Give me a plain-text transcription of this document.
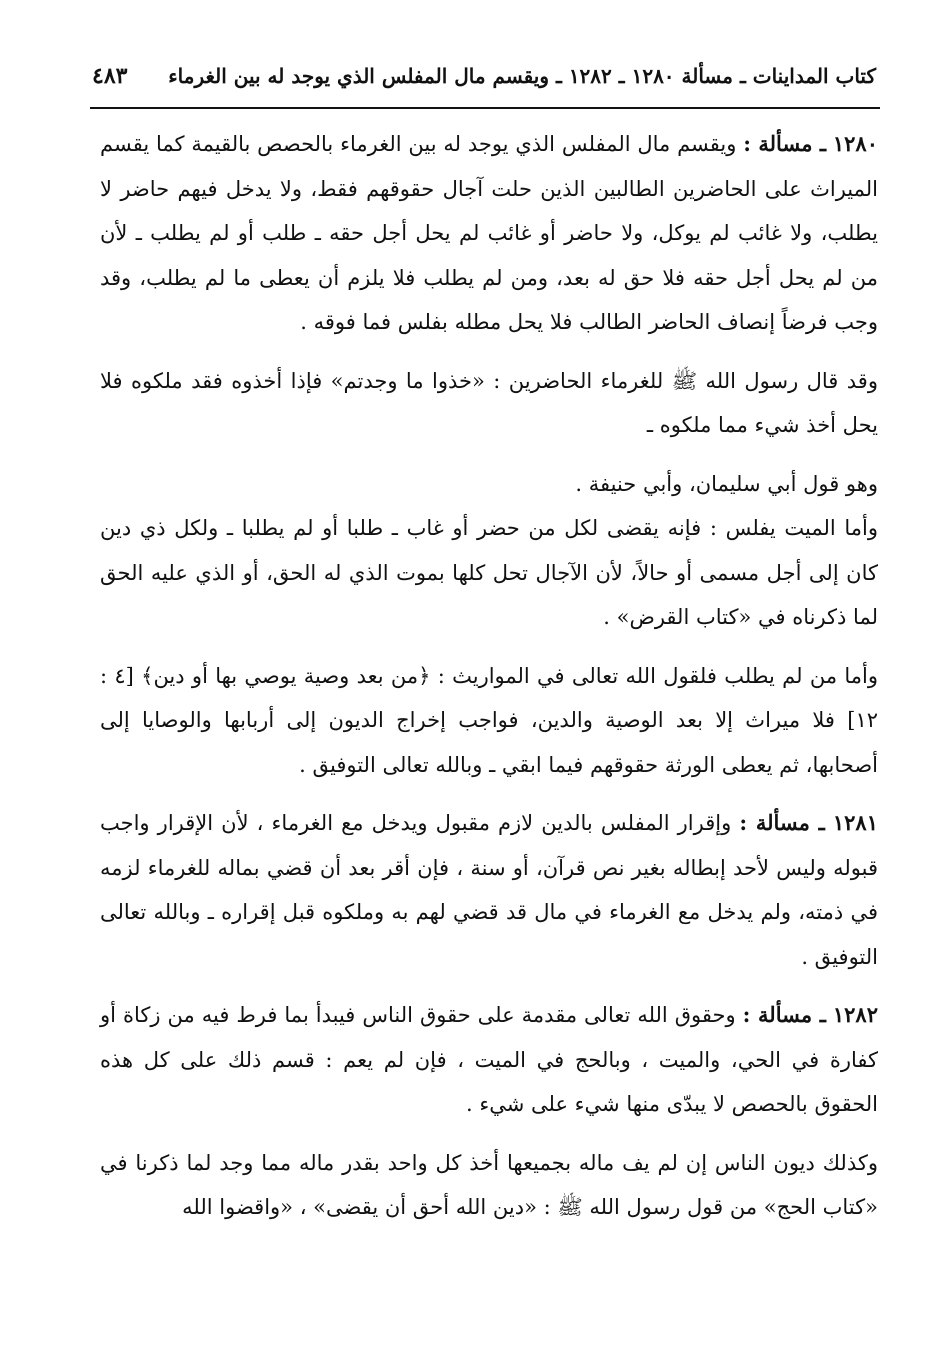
كتاب المداينات ـ مسألة ١٢٨٠ ـ ١٢٨٢ ـ ويقسم مال المفلس الذي يوجد له بين الغرماء
٤٨٣

١٢٨٠ ـ مسألة : ويقسم مال المفلس الذي يوجد له بين الغرماء بالحصص بالقيمة كما يقسم الميراث على الحاضرين الطالبين الذين حلت آجال حقوقهم فقط، ولا يدخل فيهم حاضر لا يطلب، ولا غائب لم يوكل، ولا حاضر أو غائب لم يحل أجل حقه ـ طلب أو لم يطلب ـ لأن من لم يحل أجل حقه فلا حق له بعد، ومن لم يطلب فلا يلزم أن يعطى ما لم يطلب، وقد وجب فرضاً إنصاف الحاضر الطالب فلا يحل مطله بفلس فما فوقه .

وقد قال رسول الله ﷺ للغرماء الحاضرين : «خذوا ما وجدتم» فإذا أخذوه فقد ملكوه فلا يحل أخذ شيء مما ملكوه ـ

وهو قول أبي سليمان، وأبي حنيفة .

وأما الميت يفلس : فإنه يقضى لكل من حضر أو غاب ـ طلبا أو لم يطلبا ـ ولكل ذي دين كان إلى أجل مسمى أو حالاً، لأن الآجال تحل كلها بموت الذي له الحق، أو الذي عليه الحق لما ذكرناه في «كتاب القرض» .

وأما من لم يطلب فلقول الله تعالى في المواريث : ﴿من بعد وصية يوصي بها أو دين﴾ [٤ : ١٢] فلا ميراث إلا بعد الوصية والدين، فواجب إخراج الديون إلى أربابها والوصايا إلى أصحابها، ثم يعطى الورثة حقوقهم فيما ابقي ـ وبالله تعالى التوفيق .

١٢٨١ ـ مسألة : وإقرار المفلس بالدين لازم مقبول ويدخل مع الغرماء ، لأن الإقرار واجب قبوله وليس لأحد إبطاله بغير نص قرآن، أو سنة ، فإن أقر بعد أن قضي بماله للغرماء لزمه في ذمته، ولم يدخل مع الغرماء في مال قد قضي لهم به وملكوه قبل إقراره ـ وبالله تعالى التوفيق .

١٢٨٢ ـ مسألة : وحقوق الله تعالى مقدمة على حقوق الناس فيبدأ بما فرط فيه من زكاة أو كفارة في الحي، والميت ، وبالحج في الميت ، فإن لم يعم : قسم ذلك على كل هذه الحقوق بالحصص لا يبدّى منها شيء على شيء .

وكذلك ديون الناس إن لم يف ماله بجميعها أخذ كل واحد بقدر ماله مما وجد لما ذكرنا في «كتاب الحج» من قول رسول الله ﷺ : «دين الله أحق أن يقضى» ، «واقضوا الله
